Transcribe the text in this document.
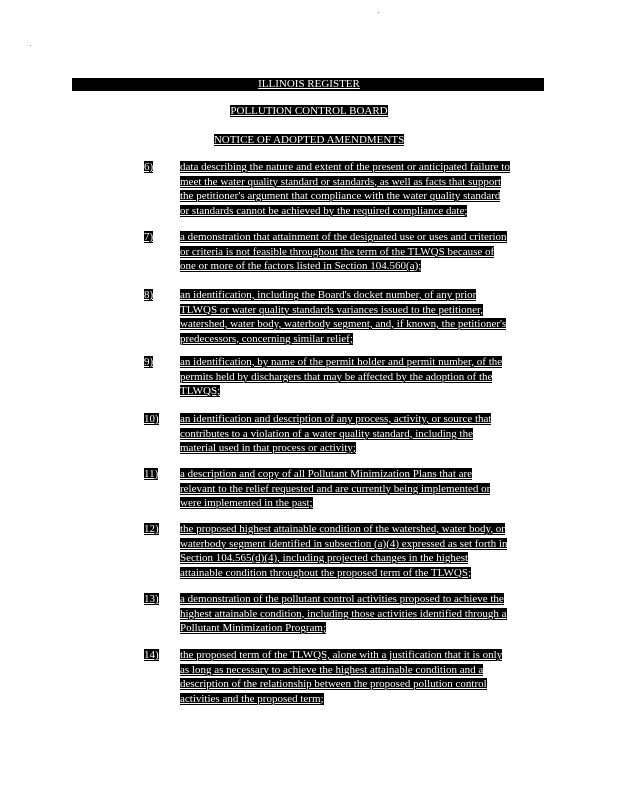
ILLINOIS REGISTER
POLLUTION CONTROL BOARD
NOTICE OF ADOPTED AMENDMENTS
6) data describing the nature and extent of the present or anticipated failure to
meet the water quality standard or standards, as well as facts that support
the petitioner's argument that compliance with the water quality standard
or standards cannot be achieved by the required compliance date;
7) a demonstration that attainment of the designated use or uses and criterion
or criteria is not feasible throughout the term of the TLWQS because of
one or more of the factors listed in Section 104.560(a);
8) an identification, including the Board's docket number, of any prior
TLWQS or water quality standards variances issued to the petitioner,
watershed, water body, waterbody segment, and, if known, the petitioner's
predecessors, concerning similar relief;
9) an identification, by name of the permit holder and permit number, of the
permits held by dischargers that may be affected by the adoption of the
TLWQS;
10) an identification and description of any process, activity, or source that
contributes to a violation of a water quality standard, including the
material used in that process or activity;
11) a description and copy of all Pollutant Minimization Plans that are
relevant to the relief requested and are currently being implemented or
were implemented in the past;
12) the proposed highest attainable condition of the watershed, water body, or
waterbody segment identified in subsection (a)(4) expressed as set forth in
Section 104.565(d)(4), including projected changes in the highest
attainable condition throughout the proposed term of the TLWQS;
13) a demonstration of the pollutant control activities proposed to achieve the
highest attainable condition, including those activities identified through a
Pollutant Minimization Program;
14) the proposed term of the TLWQS, alone with a justification that it is only
as long as necessary to achieve the highest attainable condition and a
description of the relationship between the proposed pollution control
activities and the proposed term;
